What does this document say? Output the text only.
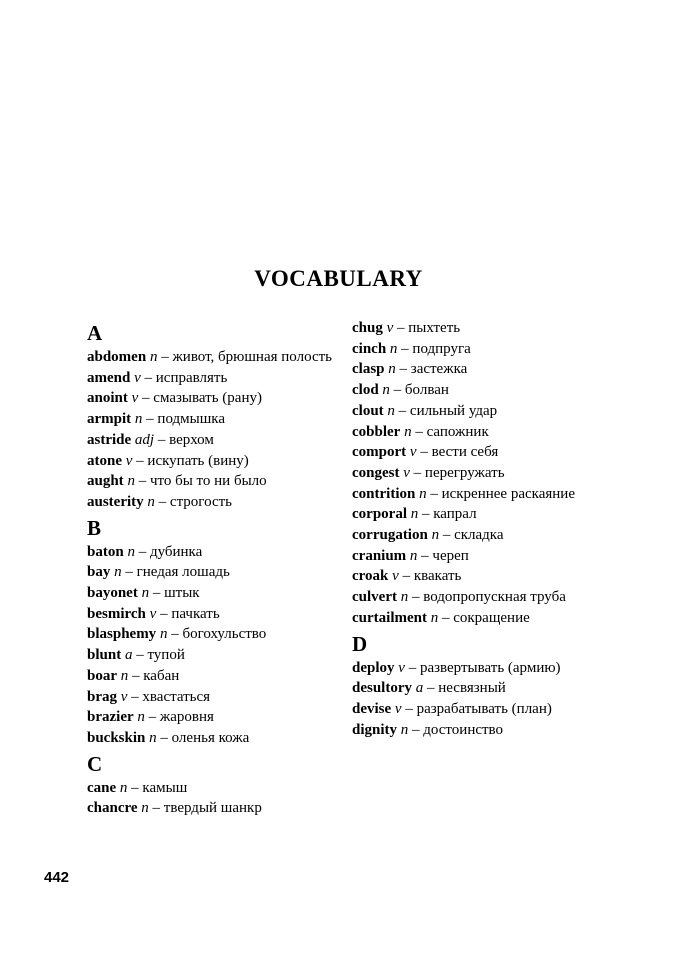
VOCABULARY
A
abdomen n – живот, брюшная полость
amend v – исправлять
anoint v – смазывать (рану)
armpit n – подмышка
astride adj – верхом
atone v – искупать (вину)
aught n – что бы то ни было
austerity n – строгость
B
baton n – дубинка
bay n – гнедая лошадь
bayonet n – штык
besmirch v – пачкать
blasphemy n – богохульство
blunt a – тупой
boar n – кабан
brag v – хвастаться
brazier n – жаровня
buckskin n – оленья кожа
C
cane n – камыш
chancre n – твердый шанкр
chug v – пыхтеть
cinch n – подпруга
clasp n – застежка
clod n – болван
clout n – сильный удар
cobbler n – сапожник
comport v – вести себя
congest v – перегружать
contrition n – искреннее раскаяние
corporal n – капрал
corrugation n – складка
cranium n – череп
croak v – квакать
culvert n – водопропускная труба
curtailment n – сокращение
D
deploy v – развертывать (армию)
desultory a – несвязный
devise v – разрабатывать (план)
dignity n – достоинство
442
